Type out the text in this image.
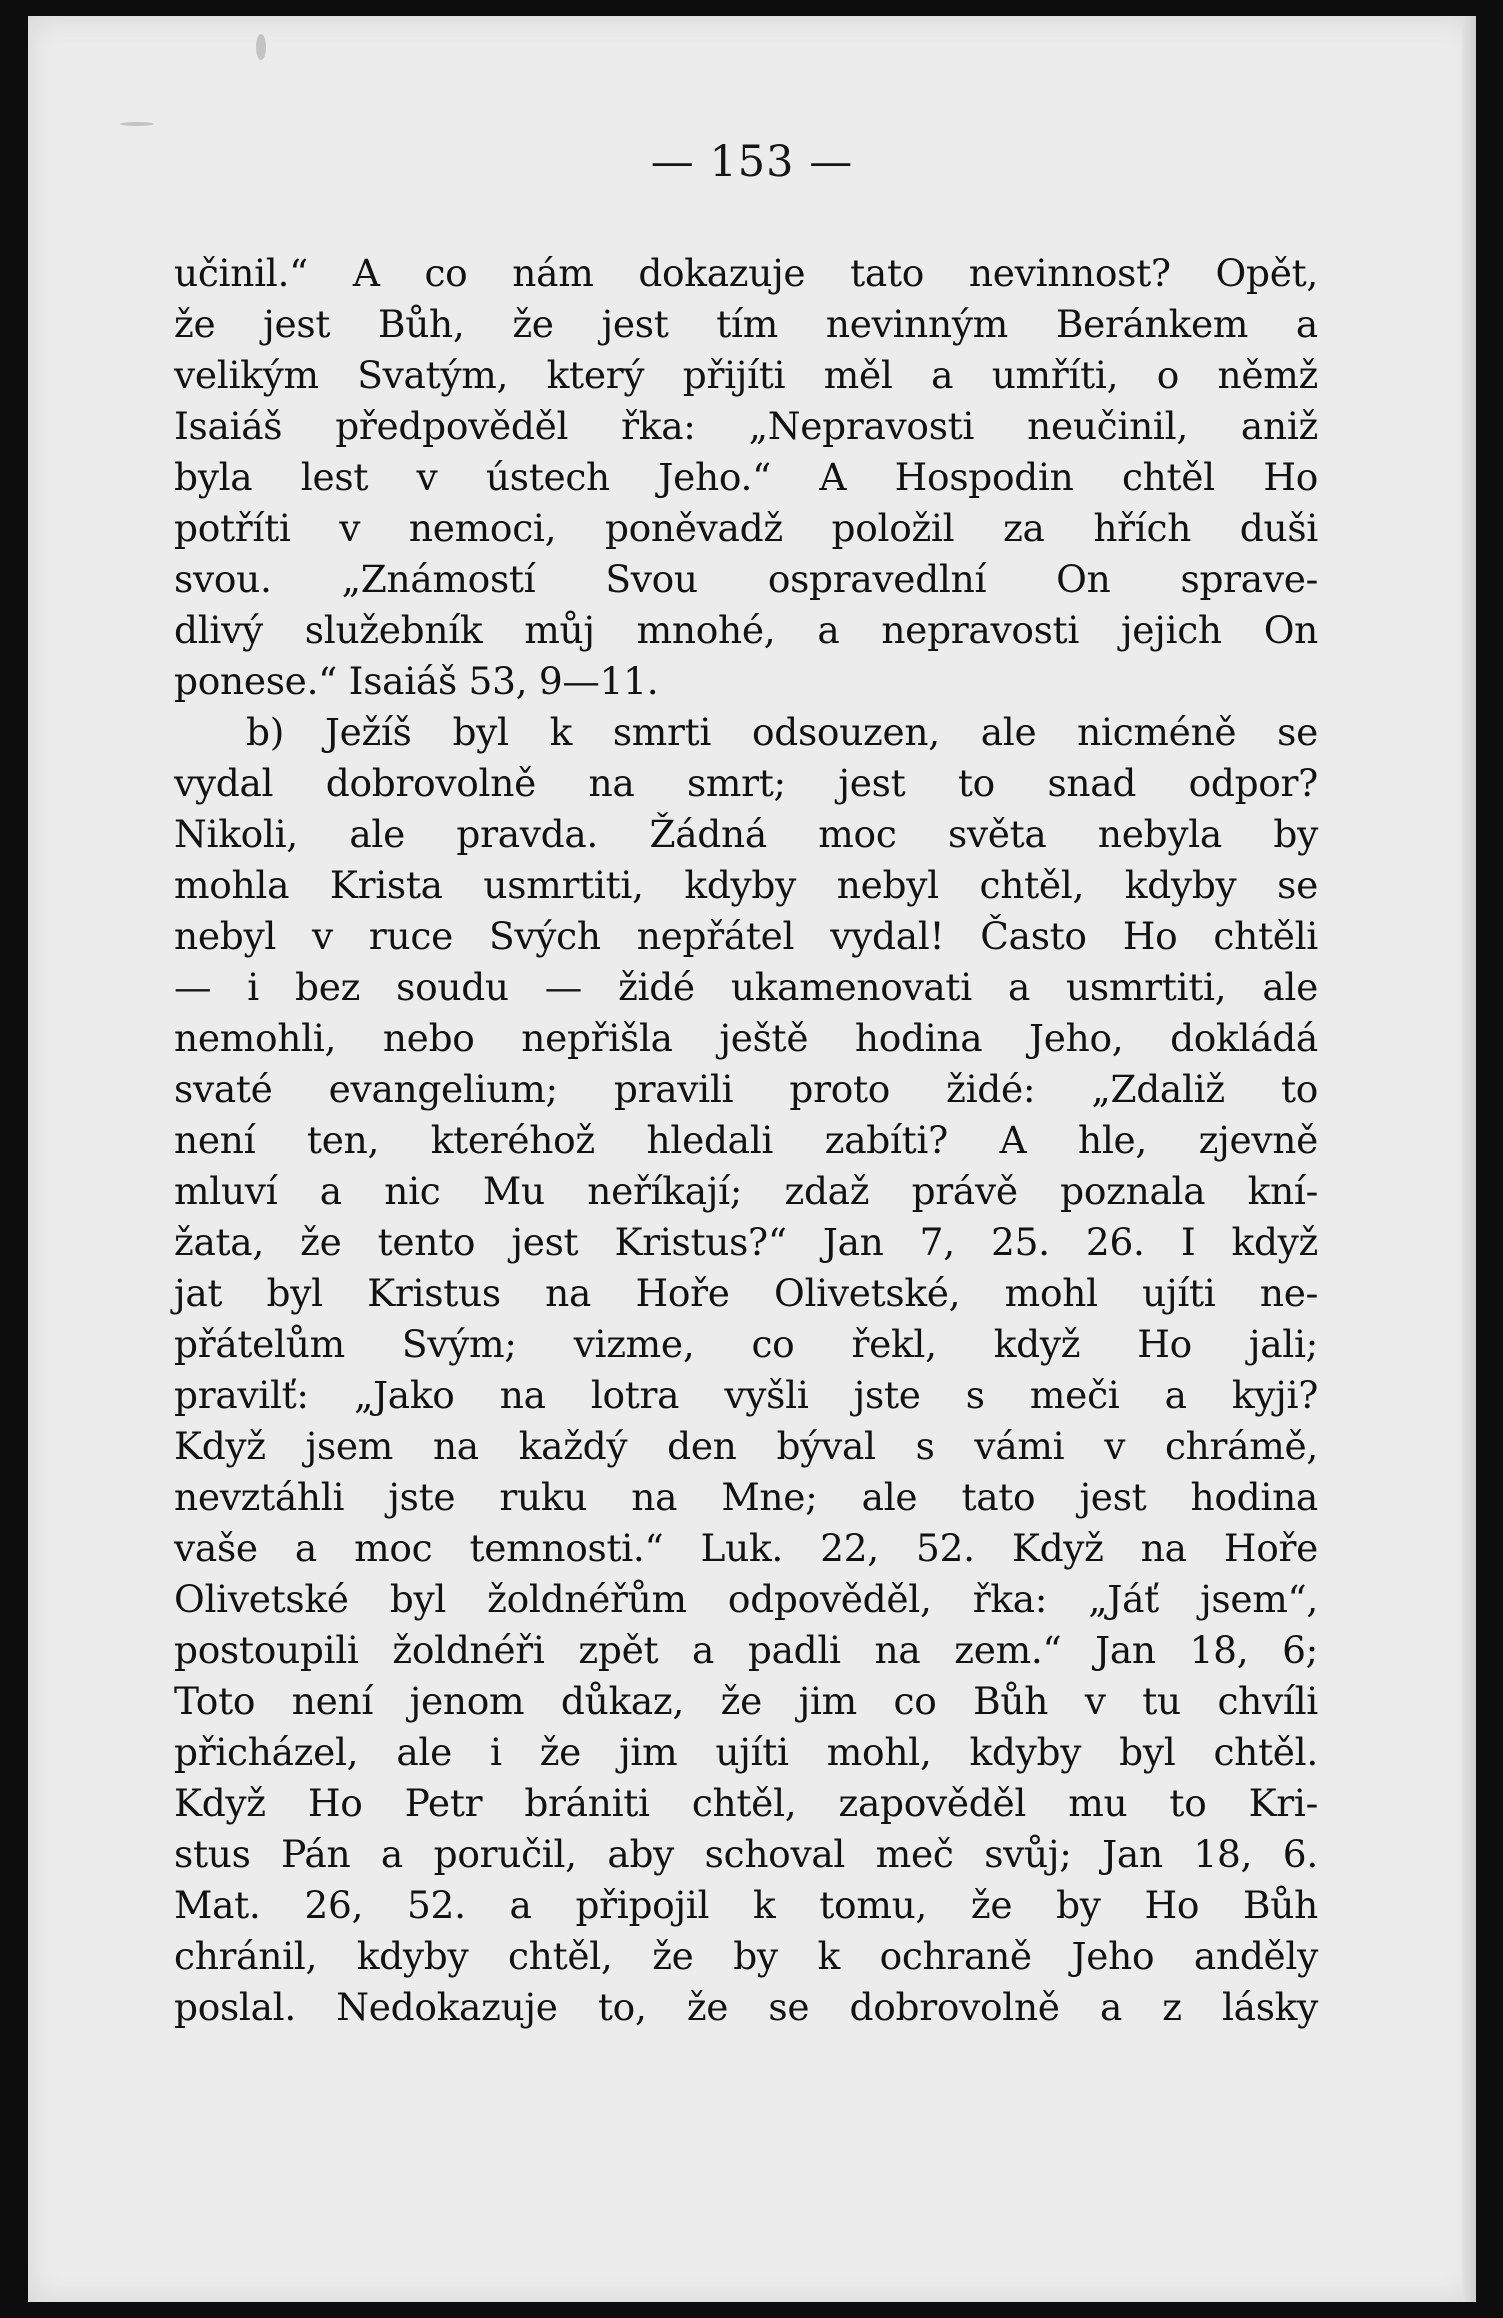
— 153 —
učinil.“ A co nám dokazuje tato nevinnost? Opět,
že jest Bůh, že jest tím nevinným Beránkem a
velikým Svatým, který přijíti měl a umříti, o němž
Isaiáš předpověděl řka: „Nepravosti neučinil, aniž
byla lest v ústech Jeho.“ A Hospodin chtěl Ho
potříti v nemoci, poněvadž položil za hřích duši
svou. „Známostí Svou ospravedlní On sprave-
dlivý služebník můj mnohé, a nepravosti jejich On
ponese.“ Isaiáš 53, 9—11.
b) Ježíš byl k smrti odsouzen, ale nicméně se
vydal dobrovolně na smrt; jest to snad odpor?
Nikoli, ale pravda. Žádná moc světa nebyla by
mohla Krista usmrtiti, kdyby nebyl chtěl, kdyby se
nebyl v ruce Svých nepřátel vydal! Často Ho chtěli
— i bez soudu — židé ukamenovati a usmrtiti, ale
nemohli, nebo nepřišla ještě hodina Jeho, dokládá
svaté evangelium; pravili proto židé: „Zdaliž to
není ten, kteréhož hledali zabíti? A hle, zjevně
mluví a nic Mu neříkají; zdaž právě poznala kní-
žata, že tento jest Kristus?“ Jan 7, 25. 26. I když
jat byl Kristus na Hoře Olivetské, mohl ujíti ne-
přátelům Svým; vizme, co řekl, když Ho jali;
pravilť: „Jako na lotra vyšli jste s meči a kyji?
Když jsem na každý den býval s vámi v chrámě,
nevztáhli jste ruku na Mne; ale tato jest hodina
vaše a moc temnosti.“ Luk. 22, 52. Když na Hoře
Olivetské byl žoldnéřům odpověděl, řka: „Jáť jsem“,
postoupili žoldnéři zpět a padli na zem.“ Jan 18, 6;
Toto není jenom důkaz, že jim co Bůh v tu chvíli
přicházel, ale i že jim ujíti mohl, kdyby byl chtěl.
Když Ho Petr brániti chtěl, zapověděl mu to Kri-
stus Pán a poručil, aby schoval meč svůj; Jan 18, 6.
Mat. 26, 52. a připojil k tomu, že by Ho Bůh
chránil, kdyby chtěl, že by k ochraně Jeho anděly
poslal. Nedokazuje to, že se dobrovolně a z lásky
